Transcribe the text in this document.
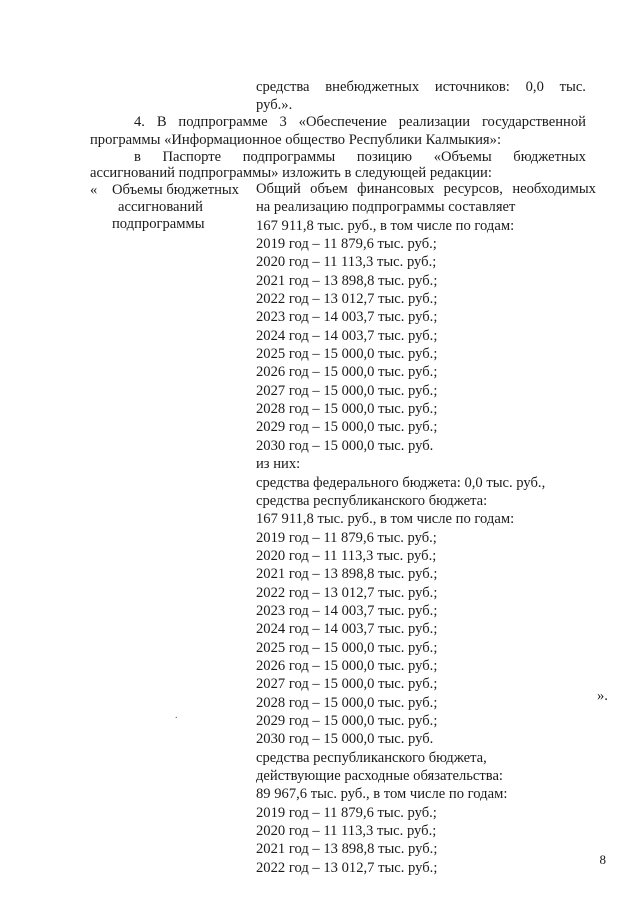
средства внебюджетных источников: 0,0 тыс.
руб.».
4. В подпрограмме 3 «Обеспечение реализации государственной
программы «Информационное общество Республики Калмыкия»:
в Паспорте подпрограммы позицию «Объемы бюджетных
ассигнований подпрограммы» изложить в следующей редакции:
« Объемы бюджетных
ассигнований
подпрограммы
Общий объем финансовых ресурсов, необходимых
на реализацию подпрограммы составляет
167 911,8 тыс. руб., в том числе по годам:
2019 год – 11 879,6 тыс. руб.;
2020 год – 11 113,3 тыс. руб.;
2021 год – 13 898,8 тыс. руб.;
2022 год – 13 012,7 тыс. руб.;
2023 год – 14 003,7 тыс. руб.;
2024 год – 14 003,7 тыс. руб.;
2025 год – 15 000,0 тыс. руб.;
2026 год – 15 000,0 тыс. руб.;
2027 год – 15 000,0 тыс. руб.;
2028 год – 15 000,0 тыс. руб.;
2029 год – 15 000,0 тыс. руб.;
2030 год – 15 000,0 тыс. руб.
из них:
средства федерального бюджета: 0,0 тыс. руб.,
средства республиканского бюджета:
167 911,8 тыс. руб., в том числе по годам:
2019 год – 11 879,6 тыс. руб.;
2020 год – 11 113,3 тыс. руб.;
2021 год – 13 898,8 тыс. руб.;
2022 год – 13 012,7 тыс. руб.;
2023 год – 14 003,7 тыс. руб.;
2024 год – 14 003,7 тыс. руб.;
2025 год – 15 000,0 тыс. руб.;
2026 год – 15 000,0 тыс. руб.;
2027 год – 15 000,0 тыс. руб.;
2028 год – 15 000,0 тыс. руб.;
2029 год – 15 000,0 тыс. руб.;
2030 год – 15 000,0 тыс. руб.
средства республиканского бюджета,
действующие расходные обязательства:
89 967,6 тыс. руб., в том числе по годам:
2019 год – 11 879,6 тыс. руб.;
2020 год – 11 113,3 тыс. руб.;
2021 год – 13 898,8 тыс. руб.;
2022 год – 13 012,7 тыс. руб.;
».
.
8
